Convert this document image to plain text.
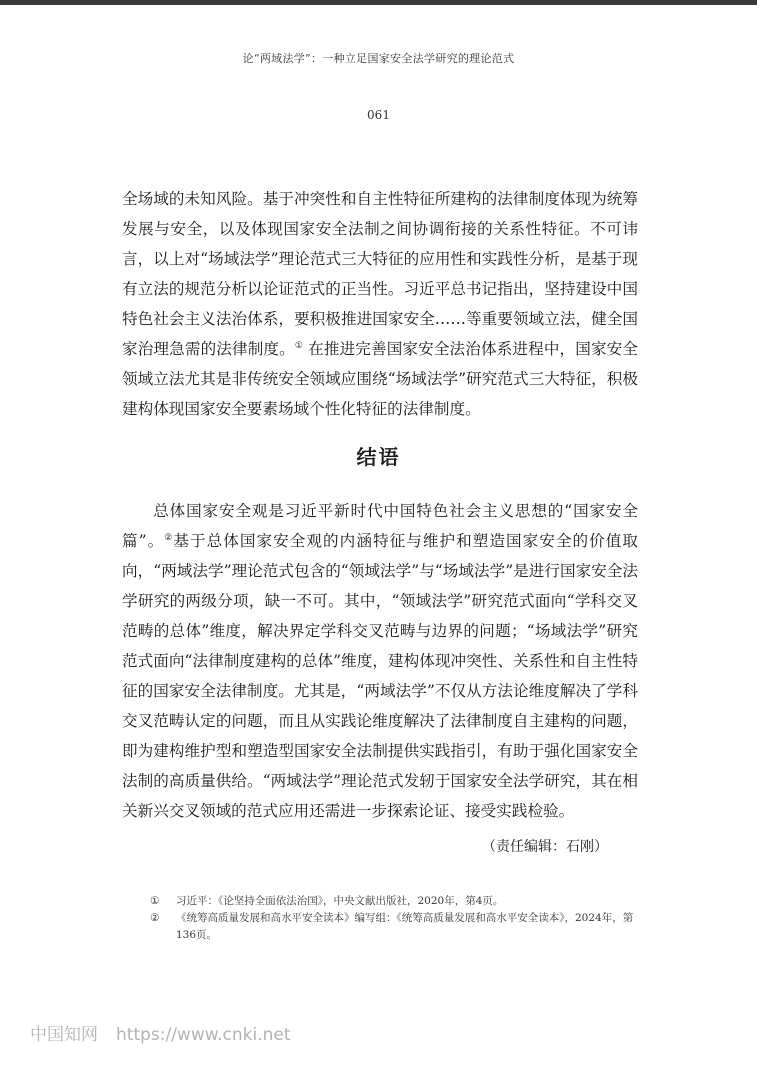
论“两域法学”：一种立足国家安全法学研究的理论范式
061

全场域的未知风险。基于冲突性和自主性特征所建构的法律制度体现为统筹发展与安全，以及体现国家安全法制之间协调衔接的关系性特征。不可讳言，以上对“场域法学”理论范式三大特征的应用性和实践性分析，是基于现有立法的规范分析以论证范式的正当性。习近平总书记指出，坚持建设中国特色社会主义法治体系，要积极推进国家安全……等重要领域立法，健全国家治理急需的法律制度。① 在推进完善国家安全法治体系进程中，国家安全领域立法尤其是非传统安全领域应围绕“场域法学”研究范式三大特征，积极建构体现国家安全要素场域个性化特征的法律制度。

结语

总体国家安全观是习近平新时代中国特色社会主义思想的“国家安全篇”。②基于总体国家安全观的内涵特征与维护和塑造国家安全的价值取向，“两域法学”理论范式包含的“领域法学”与“场域法学”是进行国家安全法学研究的两级分项，缺一不可。其中，“领域法学”研究范式面向“学科交叉范畴的总体”维度，解决界定学科交叉范畴与边界的问题；“场域法学”研究范式面向“法律制度建构的总体”维度，建构体现冲突性、关系性和自主性特征的国家安全法律制度。尤其是，“两域法学”不仅从方法论维度解决了学科交叉范畴认定的问题，而且从实践论维度解决了法律制度自主建构的问题，即为建构维护型和塑造型国家安全法制提供实践指引，有助于强化国家安全法制的高质量供给。“两域法学”理论范式发轫于国家安全法学研究，其在相关新兴交叉领域的范式应用还需进一步探索论证、接受实践检验。

（责任编辑：石刚）
① 习近平：《论坚持全面依法治国》，中央文献出版社，2020年，第4页。
② 《统筹高质量发展和高水平安全读本》编写组：《统筹高质量发展和高水平安全读本》，2024年，第136页。
中国知网 https://www.cnki.net
